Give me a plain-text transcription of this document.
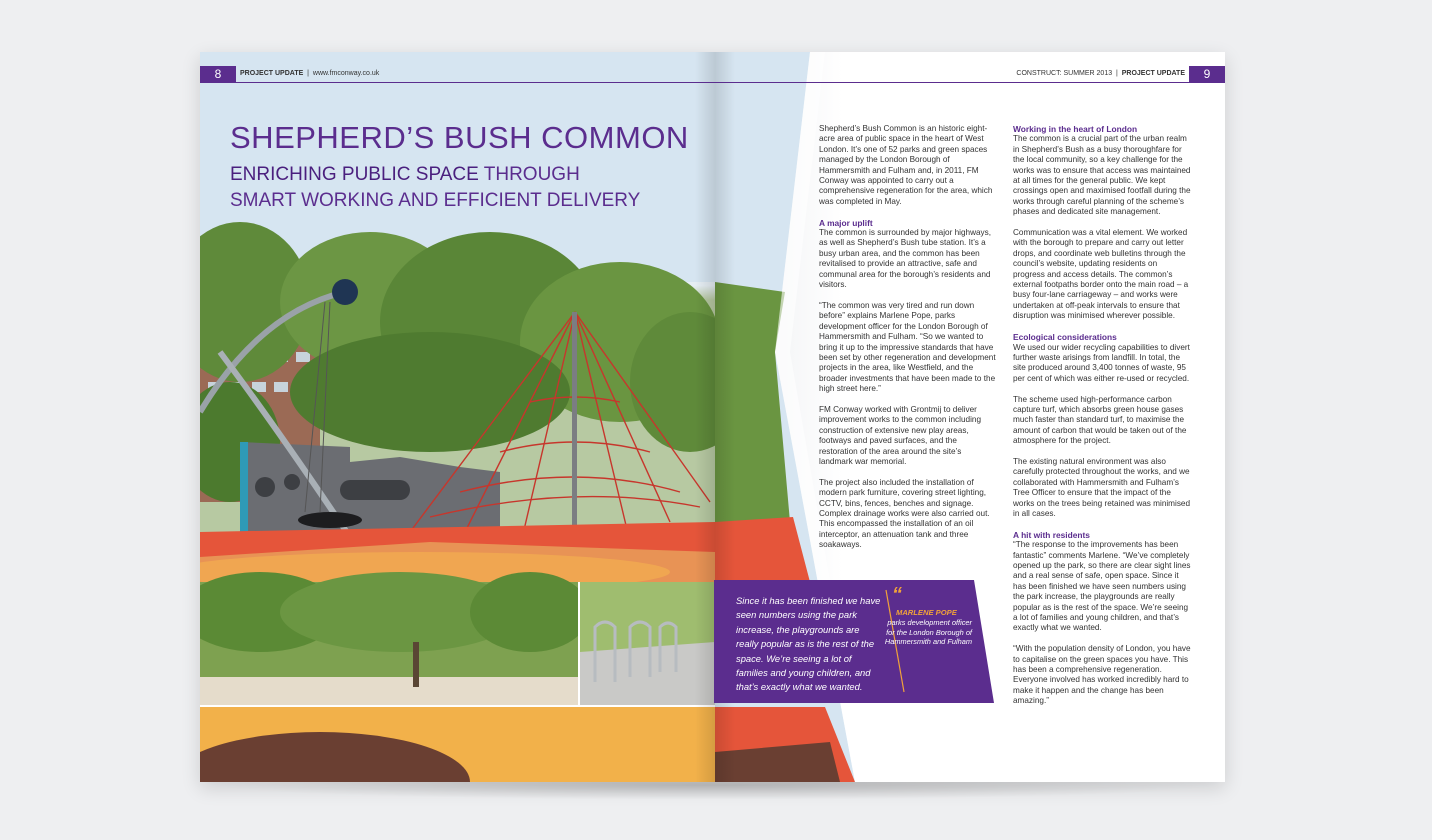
8	PROJECT UPDATE  |  www.fmconway.co.uk
SHEPHERD’S BUSH COMMON
ENRICHING PUBLIC SPACE THROUGH
SMART WORKING AND EFFICIENT DELIVERY
CONSTRUCT: SUMMER 2013  |  PROJECT UPDATE	9

Shepherd’s Bush Common is an historic eight-acre area of public space in the heart of West London. It’s one of 52 parks and green spaces managed by the London Borough of Hammersmith and Fulham and, in 2011, FM Conway was appointed to carry out a comprehensive regeneration for the area, which was completed in May.

A major uplift

The common is surrounded by major highways, as well as Shepherd’s Bush tube station. It’s a busy urban area, and the common has been revitalised to provide an attractive, safe and communal area for the borough’s residents and visitors.

“The common was very tired and run down before” explains Marlene Pope, parks development officer for the London Borough of Hammersmith and Fulham. “So we wanted to bring it up to the impressive standards that have been set by other regeneration and development projects in the area, like Westfield, and the broader investments that have been made to the high street here.”

FM Conway worked with Grontmij to deliver improvement works to the common including construction of extensive new play areas, footways and paved surfaces, and the restoration of the area around the site’s landmark war memorial.

The project also included the installation of modern park furniture, covering street lighting, CCTV, bins, fences, benches and signage. Complex drainage works were also carried out. This encompassed the installation of an oil interceptor, an attenuation tank and three soakaways.

Working in the heart of London

The common is a crucial part of the urban realm in Shepherd’s Bush as a busy thoroughfare for the local community, so a key challenge for the works was to ensure that access was maintained at all times for the general public. We kept crossings open and maximised footfall during the works through careful planning of the scheme’s phases and dedicated site management.

Communication was a vital element. We worked with the borough to prepare and carry out letter drops, and coordinate web bulletins through the council’s website, updating residents on progress and access details. The common’s external footpaths border onto the main road – a busy four-lane carriageway – and works were undertaken at off-peak intervals to ensure that disruption was minimised wherever possible.

Ecological considerations

We used our wider recycling capabilities to divert further waste arisings from landfill. In total, the site produced around 3,400 tonnes of waste, 95 per cent of which was either re-used or recycled.

The scheme used high-performance carbon capture turf, which absorbs green house gases much faster than standard turf, to maximise the amount of carbon that would be taken out of the atmosphere for the project.

The existing natural environment was also carefully protected throughout the works, and we collaborated with Hammersmith and Fulham’s Tree Officer to ensure that the impact of the works on the trees being retained was minimised in all cases.

A hit with residents

“The response to the improvements has been fantastic” comments Marlene. “We’ve completely opened up the park, so there are clear sight lines and a real sense of safe, open space. Since it has been finished we have seen numbers using the park increase, the playgrounds are really popular as is the rest of the space. We’re seeing a lot of families and young children, and that’s exactly what we wanted.

“With the population density of London, you have to capitalise on the green spaces you have. This has been a comprehensive regeneration. Everyone involved has worked incredibly hard to make it happen and the change has been amazing.”

Since it has been finished we have seen numbers using the park increase, the playgrounds are really popular as is the rest of the space. We’re seeing a lot of families and young children, and that’s exactly what we wanted.
“
MARLENE POPE
parks development officer for the London Borough of Hammersmith and Fulham
